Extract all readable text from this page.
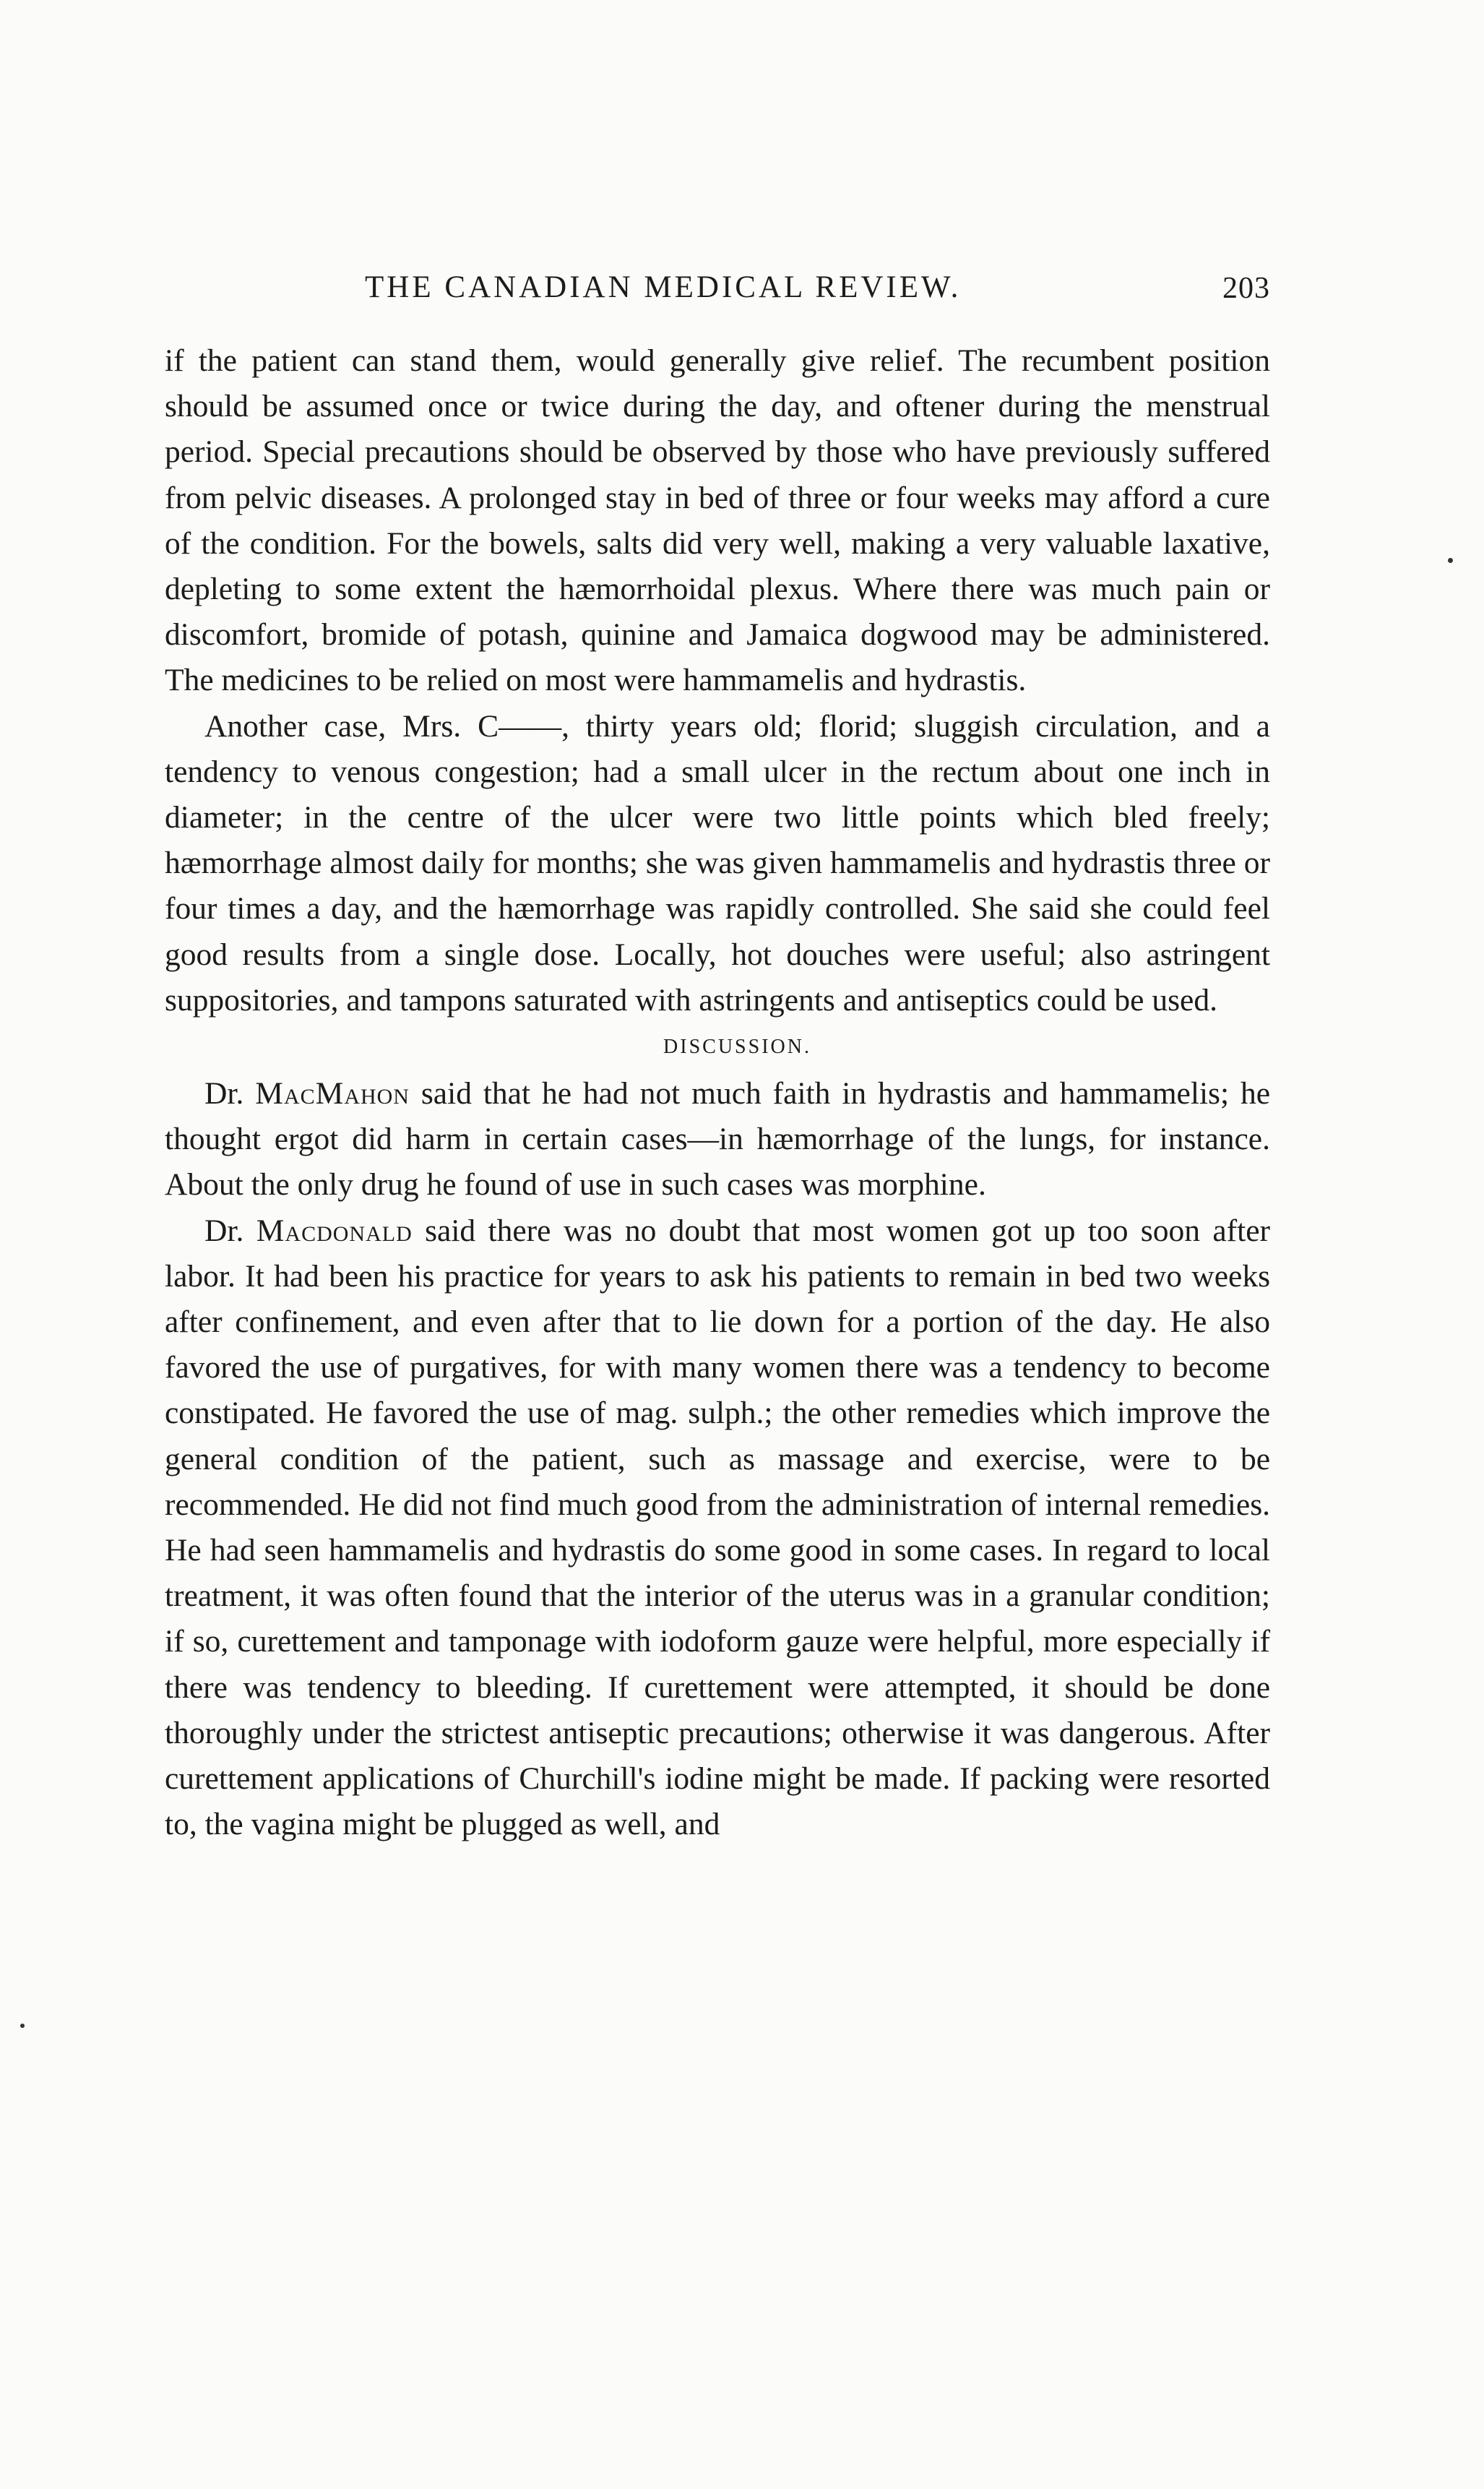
THE CANADIAN MEDICAL REVIEW.	203

if the patient can stand them, would generally give relief. The recumbent position should be assumed once or twice during the day, and oftener during the menstrual period. Special precautions should be observed by those who have previously suffered from pelvic diseases. A prolonged stay in bed of three or four weeks may afford a cure of the condition. For the bowels, salts did very well, making a very valuable laxative, depleting to some extent the hæmorrhoidal plexus. Where there was much pain or discomfort, bromide of potash, quinine and Jamaica dogwood may be administered. The medicines to be relied on most were hammamelis and hydrastis.

Another case, Mrs. C——, thirty years old; florid; sluggish circulation, and a tendency to venous congestion; had a small ulcer in the rectum about one inch in diameter; in the centre of the ulcer were two little points which bled freely; hæmorrhage almost daily for months; she was given hammamelis and hydrastis three or four times a day, and the hæmorrhage was rapidly controlled. She said she could feel good results from a single dose. Locally, hot douches were useful; also astringent suppositories, and tampons saturated with astringents and antiseptics could be used.

DISCUSSION.

Dr. MacMahon said that he had not much faith in hydrastis and hammamelis; he thought ergot did harm in certain cases—in hæmorrhage of the lungs, for instance. About the only drug he found of use in such cases was morphine.

Dr. Macdonald said there was no doubt that most women got up too soon after labor. It had been his practice for years to ask his patients to remain in bed two weeks after confinement, and even after that to lie down for a portion of the day. He also favored the use of purgatives, for with many women there was a tendency to become constipated. He favored the use of mag. sulph.; the other remedies which improve the general condition of the patient, such as massage and exercise, were to be recommended. He did not find much good from the administration of internal remedies. He had seen hammamelis and hydrastis do some good in some cases. In regard to local treatment, it was often found that the interior of the uterus was in a granular condition; if so, curettement and tamponage with iodoform gauze were helpful, more especially if there was tendency to bleeding. If curettement were attempted, it should be done thoroughly under the strictest antiseptic precautions; otherwise it was dangerous. After curettement applications of Churchill's iodine might be made. If packing were resorted to, the vagina might be plugged as well, and
